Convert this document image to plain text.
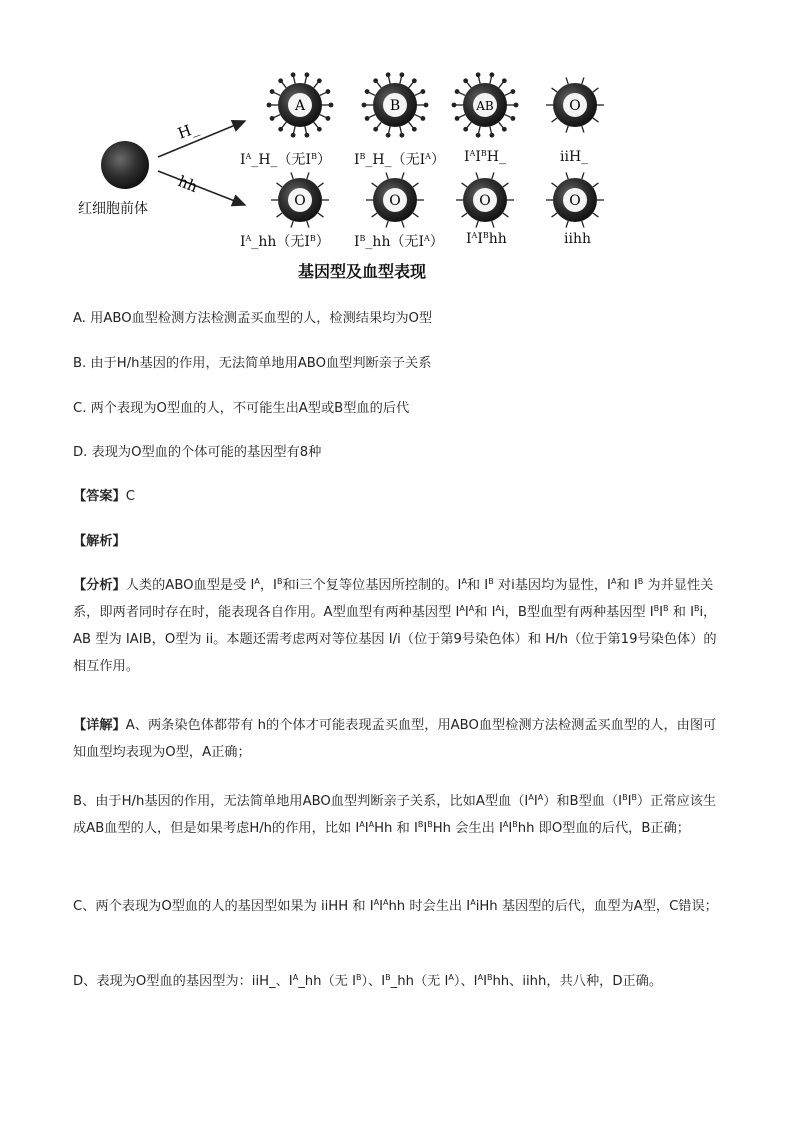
H_
hh
A	B	AB	O
O	O	O	O
红细胞前体
$I^A\_H\_$（无$I^B$） $I^B\_H\_$（无$I^A$） $I^AI^BH\_$	iiH_
$I^A\_hh$（无$I^B$） $I^B\_hh$（无$I^A$） $I^AI^Bhh$	iihh
基因型及血型表现

A. 用ABO血型检测方法检测孟买血型的人，检测结果均为O型

B. 由于H/h基因的作用，无法简单地用ABO血型判断亲子关系

C. 两个表现为O型血的人，不可能生出A型或B型血的后代

D. 表现为O型血的个体可能的基因型有8种

【答案】C

【解析】

【分析】人类的ABO血型是受 $I^A$，$I^B$和i三个复等位基因所控制的。$I^A$和 $I^B$ 对i基因均为显性，$I^A$和 $I^B$ 为并显性关系，即两者同时存在时，能表现各自作用。A型血型有两种基因型 $I^AI^A$和 $I^Ai$，B型血型有两种基因型 $I^BI^B$ 和 $I^Bi$，AB 型为 IAIB，O型为 ii。本题还需考虑两对等位基因 I/i（位于第9号染色体）和 H/h（位于第19号染色体）的相互作用。

【详解】A、两条染色体都带有 h的个体才可能表现孟买血型，用ABO血型检测方法检测孟买血型的人，由图可知血型均表现为O型，A正确；

B、由于H/h基因的作用，无法简单地用ABO血型判断亲子关系，比如A型血$(I^AI^A)$和B型血$(I^BI^B)$正常应该生成AB血型的人，但是如果考虑H/h的作用，比如 $I^AI^AHh$ 和 $I^BI^BHh$ 会生出 $I^AI^Bhh$ 即O型血的后代，B正确；

C、两个表现为O型血的人的基因型如果为 iiHH 和 $I^AI^Ahh$ 时会生出 $I^AiHh$ 基因型的后代，血型为A型，C错误；

D、表现为O型血的基因型为：iiH_、$I^A\_hh$（无 $I^B$）、$I^B\_hh$（无 $I^A$）、$I^AI^Bhh$、iihh，共八种，D正确。
